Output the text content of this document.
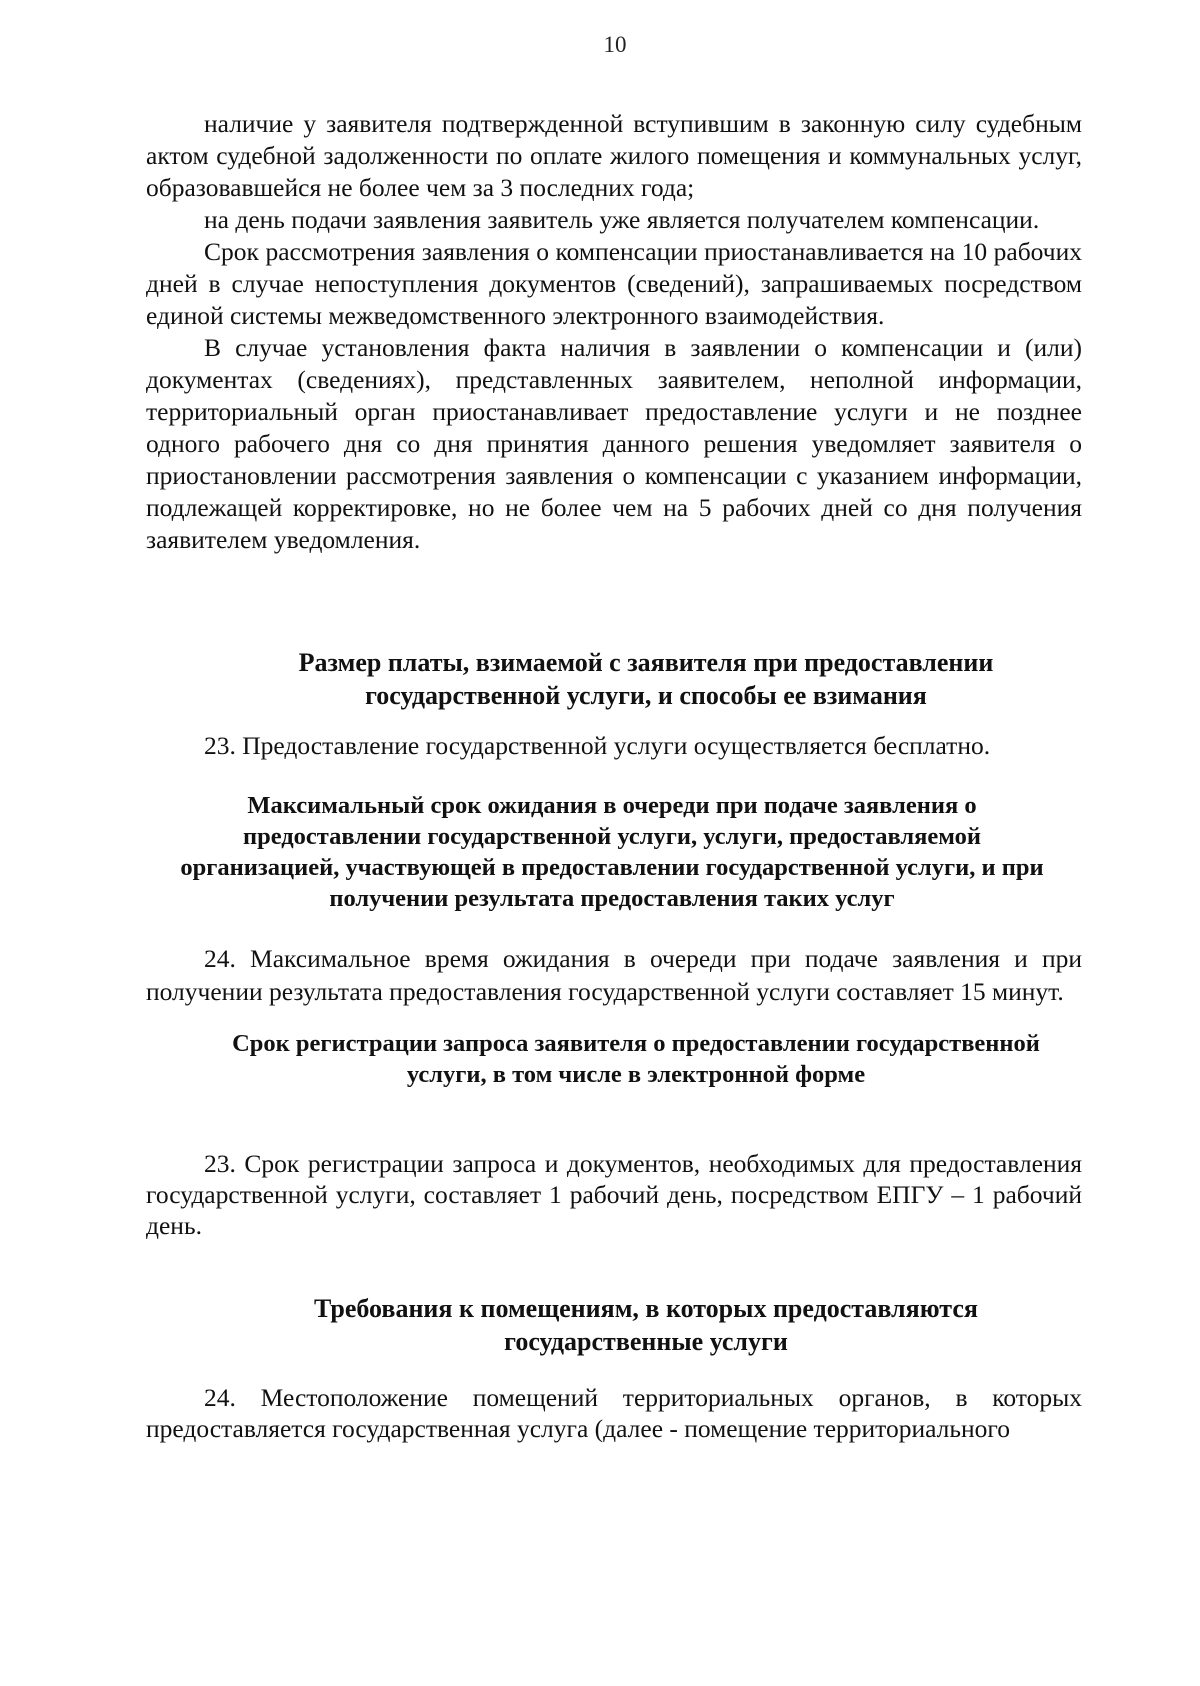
10

наличие у заявителя подтвержденной вступившим в законную силу судебным актом судебной задолженности по оплате жилого помещения и коммунальных услуг, образовавшейся не более чем за 3 последних года;

на день подачи заявления заявитель уже является получателем компенсации.

Срок рассмотрения заявления о компенсации приостанавливается на 10 рабочих дней в случае непоступления документов (сведений), запрашиваемых посредством единой системы межведомственного электронного взаимодействия.

В случае установления факта наличия в заявлении о компенсации и (или) документах (сведениях), представленных заявителем, неполной информации, территориальный орган приостанавливает предоставление услуги и не позднее одного рабочего дня со дня принятия данного решения уведомляет заявителя о приостановлении рассмотрения заявления о компенсации с указанием информации, подлежащей корректировке, но не более чем на 5 рабочих дней со дня получения заявителем уведомления.

Размер платы, взимаемой с заявителя при предоставлении
государственной услуги, и способы ее взимания

23. Предоставление государственной услуги осуществляется бесплатно.

Максимальный срок ожидания в очереди при подаче заявления о
предоставлении государственной услуги, услуги, предоставляемой
организацией, участвующей в предоставлении государственной услуги, и при
получении результата предоставления таких услуг

24. Максимальное время ожидания в очереди при подаче заявления и при получении результата предоставления государственной услуги составляет 15 минут.

Срок регистрации запроса заявителя о предоставлении государственной
услуги, в том числе в электронной форме

23. Срок регистрации запроса и документов, необходимых для предоставления государственной услуги, составляет 1 рабочий день, посредством ЕПГУ – 1 рабочий день.

Требования к помещениям, в которых предоставляются
государственные услуги

24. Местоположение помещений территориальных органов, в которых предоставляется государственная услуга (далее - помещение территориального
